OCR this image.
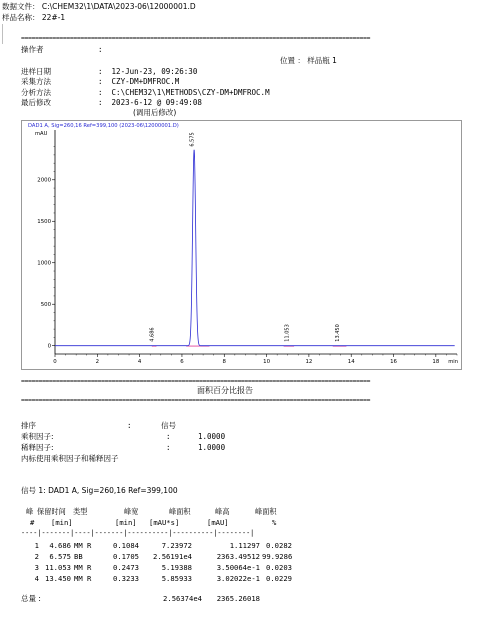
数据文件： C:\CHEM32\1\DATA\2023-06\12000001.D
样品名称： 22#-1
====================================================================================================
操作者	:
位置 ： 样品瓶 1
进样日期	:  12-Jun-23, 09:26:30
采集方法	:  CZY-DM+DMFROC.M
分析方法	:  C:\CHEM32\1\METHODS\CZY-DM+DMFROC.M
最后修改	:  2023-6-12 @ 09:49:08
(调用后修改)
DAD1 A, Sig=260,16 Ref=399,100 (2023-06\12000001.D)
mAU
0
500
1000
1500
2000
0	2	4	6	8	10	12	14	16	18 min
4.686
6.575
11.053	13.450
====================================================================================================
面积百分比报告
====================================================================================================
排序	:	信号
乘积因子:	:	1.0000
稀释因子:	:	1.0000
内标使用乘积因子和稀释因子
信号 1: DAD1 A, Sig=260,16 Ref=399,100
峰 保留时间 类型	峰宽	峰面积	峰高	峰面积
# [min]	[min] [mAU*s]	[mAU]	%
----|-------|----|-------|----------|----------|--------|
1	4.686 MM R	0.1084	7.23972	1.11297 0.0282
2	6.575 BB	0.1705	2.56191e4	2363.49512 99.9286
3 11.053 MM R	0.2473	5.19388	3.50064e-1 0.0203
4 13.450 MM R	0.3233	5.85933	3.02022e-1 0.0229
总量 :	2.56374e4	2365.26018
